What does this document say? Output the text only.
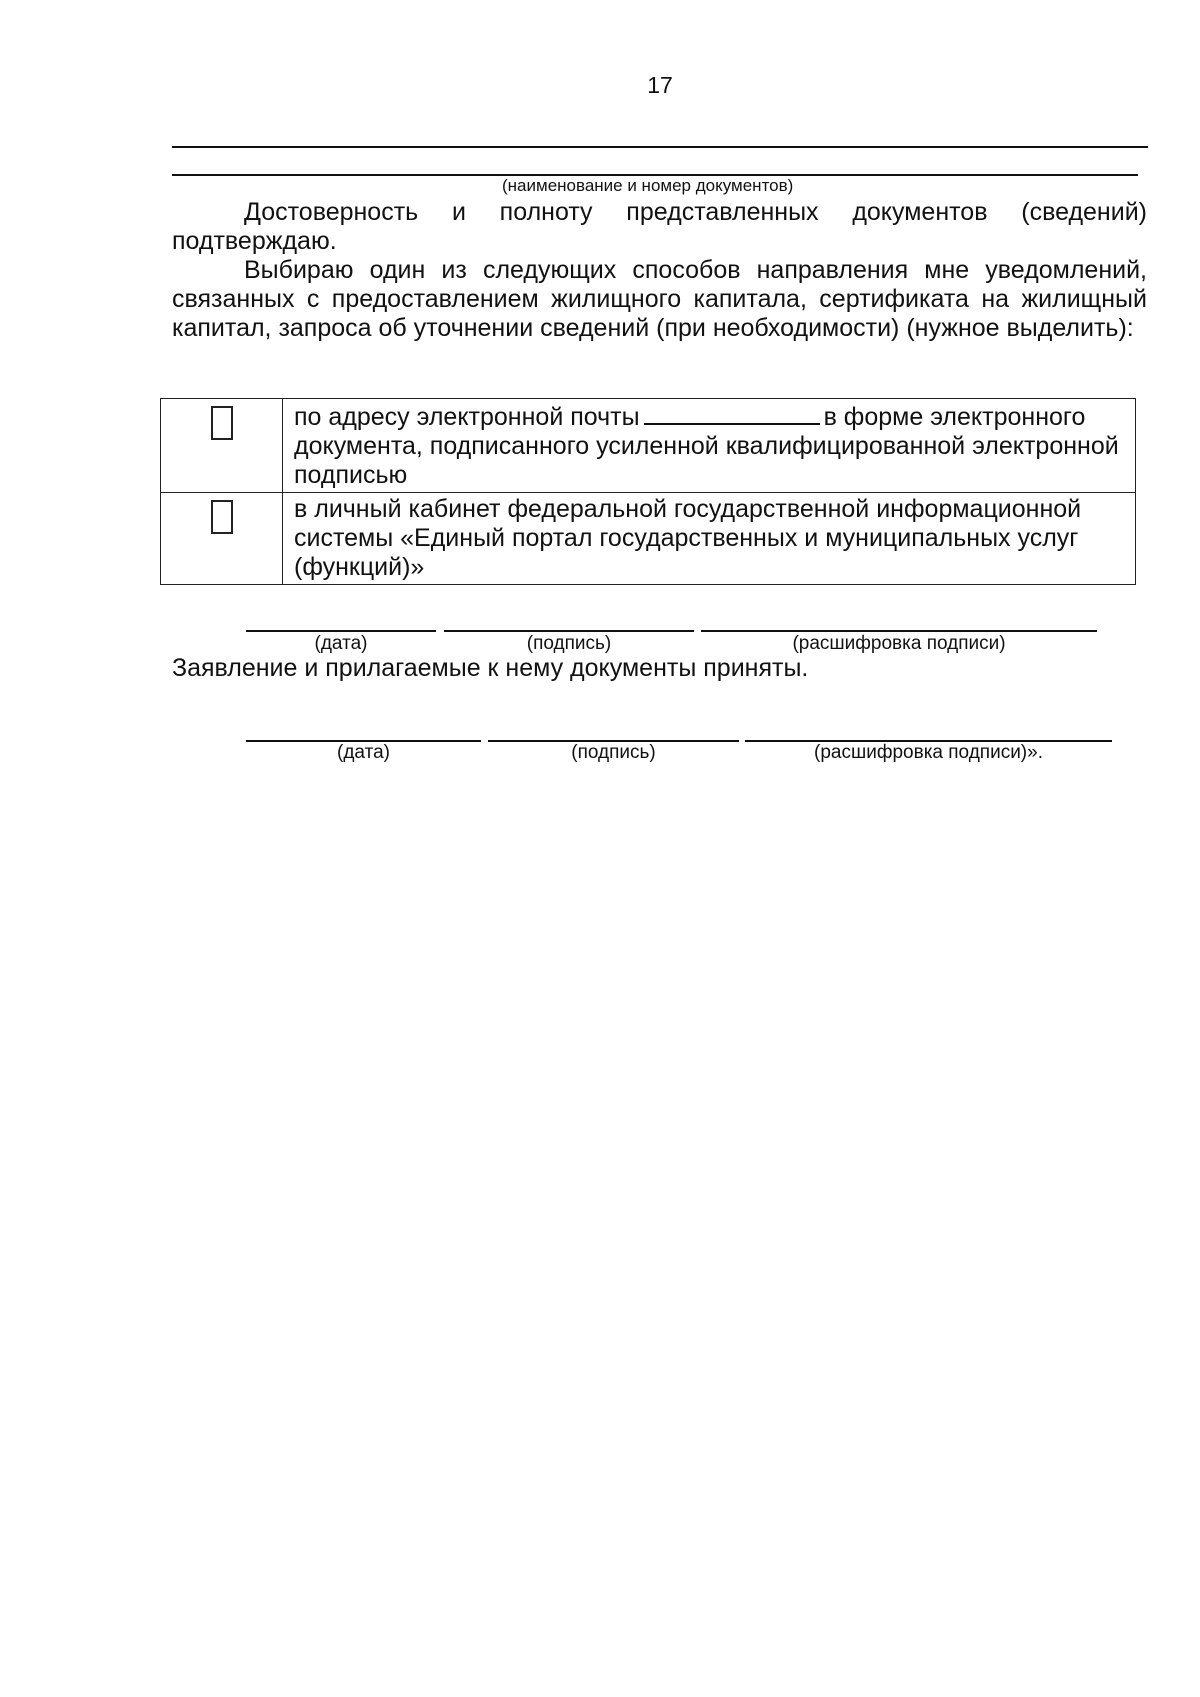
17
(наименование и номер документов)
Достоверность и полноту представленных документов (сведений) подтверждаю.
Выбираю один из следующих способов направления мне уведомлений, связанных с предоставлением жилищного капитала, сертификата на жилищный капитал, запроса об уточнении сведений (при необходимости) (нужное выделить):
	по адресу электронной почты в форме электронного документа, подписанного усиленной квалифицированной электронной подписью
	в личный кабинет федеральной государственной информационной системы «Единый портал государственных и муниципальных услуг (функций)»
(дата)	(подпись)	(расшифровка подписи)
Заявление и прилагаемые к нему документы приняты.
(дата)	(подпись)	(расшифровка подписи)».
